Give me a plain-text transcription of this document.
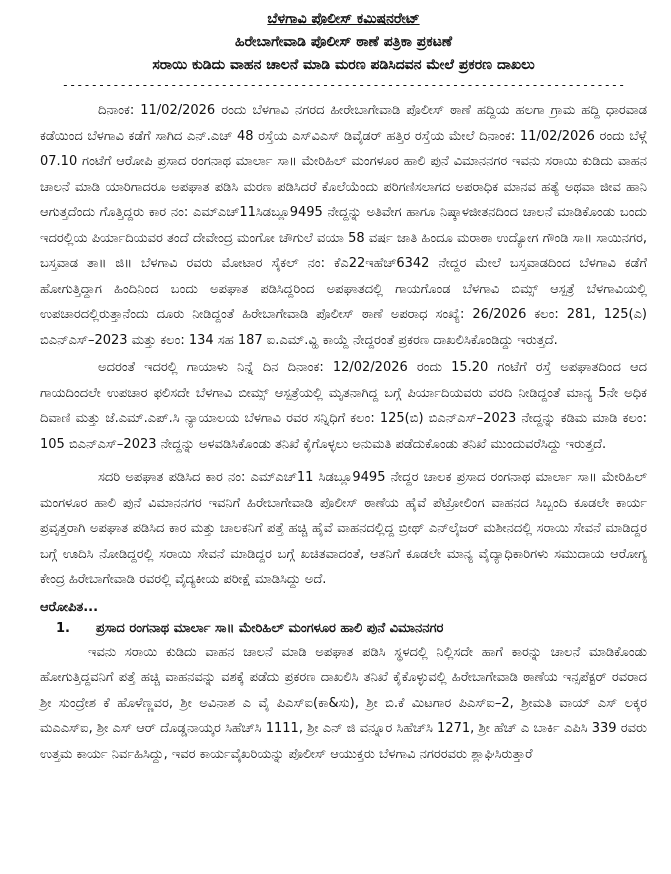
ಬೆಳಗಾವಿ ಪೊಲೀಸ್ ಕಮಿಷನರೇಟ್
ಹಿರೇಬಾಗೇವಾಡಿ ಪೊಲೀಸ್ ಠಾಣೆ ಪತ್ರಿಕಾ ಪ್ರಕಟಣೆ
ಸರಾಯಿ ಕುಡಿದು ವಾಹನ ಚಾಲನೆ ಮಾಡಿ ಮರಣ ಪಡಿಸಿದವನ ಮೇಲೆ ಪ್ರಕರಣ ದಾಖಲು
------------------------------------------------------------------------------

ದಿನಾಂಕ: 11/02/2026 ರಂದು ಬೆಳಗಾವಿ ನಗರದ ಹೀರೇಬಾಗೇವಾಡಿ ಪೊಲೀಸ್ ಠಾಣೆ ಹದ್ದಿಯ ಹಲಗಾ ಗ್ರಾಮ ಹದ್ದಿ ಧಾರವಾಡ ಕಡೆಯಿಂದ ಬೆಳಗಾವಿ ಕಡೆಗೆ ಸಾಗಿದ ಎನ್.ಎಚ್ 48 ರಸ್ತೆಯ ಎಸ್‌ವಿಎಸ್ ಡಿವೈಡರ್ ಹತ್ತಿರ ರಸ್ತೆಯ ಮೇಲೆ ದಿನಾಂಕ: 11/02/2026 ರಂದು ಬೆಳ್ಗೆ 07.10 ಗಂಟೆಗೆ ಆರೋಪಿ ಪ್ರಸಾದ ರಂಗನಾಥ ಮಾರ್ಲಾ ಸಾ॥ ಮೇರಿಹಿಲ್ ಮಂಗಳೂರ ಹಾಲಿ ಪುನೆ ವಿಮಾನನಗರ ಇವನು ಸರಾಯಿ ಕುಡಿದು ವಾಹನ ಚಾಲನೆ ಮಾಡಿ ಯಾರಿಗಾದರೂ ಅಪಘಾತ ಪಡಿಸಿ ಮರಣ ಪಡಿಸಿದರೆ ಕೊಲೆಯೆಂದು ಪರಿಗಣಿಸಲಾಗದ ಅಪರಾಧಿಕ ಮಾನವ ಹತ್ಯೆ ಅಥವಾ ಜೀವ ಹಾನಿ ಆಗುತ್ತದೆಂದು ಗೊತ್ತಿದ್ದರು ಕಾರ ನಂ: ಎಮ್‌ಎಚ್11ಸಿಡಬ್ಲೂ9495 ನೇದ್ದನ್ನು ಅತಿವೇಗ ಹಾಗೂ ನಿಷ್ಕಾಳಜೀತನದಿಂದ ಚಾಲನೆ ಮಾಡಿಕೊಂಡು ಬಂದು ಇದರಲ್ಲಿಯ ಪಿರ್ಯಾದಿಯವರ ತಂದೆ ದೇವೇಂದ್ರ ಮಂಗೋ ಚೌಗುಲೆ ವಯಾ 58 ವರ್ಷ ಜಾತಿ ಹಿಂದೂ ಮರಾಠಾ ಉದ್ಯೋಗ ಗೌಂಡಿ ಸಾ॥ ಸಾಯಿನಗರ, ಬಸ್ತವಾಡ ತಾ॥ ಜಿ॥ ಬೆಳಗಾವಿ ರವರು ಮೋಟಾರ ಸೈಕಲ್ ನಂ: ಕೆಎ22ಇಹೆಚ್6342 ನೇದ್ದರ ಮೇಲೆ ಬಸ್ತವಾಡದಿಂದ ಬೆಳಗಾವಿ ಕಡೆಗೆ ಹೋಗುತ್ತಿದ್ದಾಗ ಹಿಂದಿನಿಂದ ಬಂದು ಅಪಘಾತ ಪಡಿಸಿದ್ದರಿಂದ ಅಪಘಾತದಲ್ಲಿ ಗಾಯಗೊಂಡ ಬೆಳಗಾವಿ ಬಿಮ್ಸ್ ಆಸ್ಪತ್ರೆ ಬೆಳಗಾವಿಯಲ್ಲಿ ಉಪಚಾರದಲ್ಲಿರುತ್ತಾನೆಂದು ದೂರು ನೀಡಿದ್ದಂತೆ ಹಿರೇಬಾಗೇವಾಡಿ ಪೊಲೀಸ್ ಠಾಣೆ ಅಪರಾಧ ಸಂಖ್ಯೆ: 26/2026 ಕಲಂ: 281, 125(ಎ) ಬಿಎನ್‌ಎಸ್–2023 ಮತ್ತು ಕಲಂ: 134 ಸಹ 187 ಐ.ಎಮ್.ವ್ಹಿ ಕಾಯ್ದೆ ನೇದ್ದರಂತೆ ಪ್ರಕರಣ ದಾಖಲಿಸಿಕೊಂಡಿದ್ದು ಇರುತ್ತದೆ.

ಅದರಂತೆ ಇದರಲ್ಲಿ ಗಾಯಾಳು ನಿನ್ನೆ ದಿನ ದಿನಾಂಕ: 12/02/2026 ರಂದು 15.20 ಗಂಟೆಗೆ ರಸ್ತೆ ಅಪಘಾತದಿಂದ ಆದ ಗಾಯದಿಂದಲೇ ಉಪಚಾರ ಫಲಿಸದೇ ಬೆಳಗಾವಿ ಬೀಮ್ಸ್ ಆಸ್ಪತ್ರೆಯಲ್ಲಿ ಮೃತನಾಗಿದ್ದ ಬಗ್ಗೆ ಪಿರ್ಯಾದಿಯವರು ವರದಿ ನೀಡಿದ್ದಂತೆ ಮಾನ್ಯ 5ನೇ ಅಧಿಕ ದಿವಾಣಿ ಮತ್ತು ಜೆ.ಎಮ್.ಎಪ್.ಸಿ ನ್ಯಾಯಾಲಯ ಬೆಳಗಾವಿ ರವರ ಸನ್ನಿಧಿಗೆ ಕಲಂ: 125(ಬಿ) ಬಿಎನ್‌ಎಸ್–2023 ನೇದ್ದನ್ನು ಕಡಿಮ ಮಾಡಿ ಕಲಂ: 105 ಬಿಎನ್‌ಎಸ್–2023 ನೇದ್ದನ್ನು ಅಳವಡಿಸಿಕೊಂಡು ತನಿಖೆ ಕೈಗೊಳ್ಳಲು ಅನುಮತಿ ಪಡೆದುಕೊಂಡು ತನಿಖೆ ಮುಂದುವರೆಸಿದ್ದು ಇರುತ್ತದೆ.

ಸದರಿ ಅಪಘಾತ ಪಡಿಸಿದ ಕಾರ ನಂ: ಎಮ್‌ಎಚ್11 ಸಿಡಬ್ಲೂ9495 ನೇದ್ದರ ಚಾಲಕ ಪ್ರಸಾದ ರಂಗನಾಥ ಮಾರ್ಲಾ ಸಾ॥ ಮೇರಿಹಿಲ್ ಮಂಗಳೂರ ಹಾಲಿ ಪುನೆ ವಿಮಾನನಗರ ಇವನಿಗೆ ಹಿರೇಬಾಗೇವಾಡಿ ಪೊಲೀಸ್ ಠಾಣೆಯ ಹೈವೆ ಪೆಟ್ರೋಲಿಂಗ ವಾಹನದ ಸಿಬ್ಬಂದಿ ಕೂಡಲೇ ಕಾರ್ಯ ಪ್ರವೃತ್ತರಾಗಿ ಅಪಘಾತ ಪಡಿಸಿದ ಕಾರ ಮತ್ತು ಚಾಲಕನಿಗೆ ಪತ್ತೆ ಹಚ್ಚಿ ಹೈವೆ ವಾಹನದಲ್ಲಿದ್ದ ಬ್ರೀಥ್ ಎನ್‌ಲೈಜರ್ ಮಶೀನದಲ್ಲಿ ಸರಾಯಿ ಸೇವನೆ ಮಾಡಿದ್ದರ ಬಗ್ಗೆ ಊದಿಸಿ ನೋಡಿದ್ದರಲ್ಲಿ ಸರಾಯಿ ಸೇವನೆ ಮಾಡಿದ್ದರ ಬಗ್ಗೆ ಖಚಿತವಾದಂತೆ, ಆತನಿಗೆ ಕೂಡಲೇ ಮಾನ್ಯ ವೈದ್ಯಾಧಿಕಾರಿಗಳು ಸಮುದಾಯ ಆರೋಗ್ಯ ಕೇಂದ್ರ ಹಿರೇಬಾಗೇವಾಡಿ ರವರಲ್ಲಿ ವೈದ್ಯಕೀಯ ಪರೀಕ್ಷೆ ಮಾಡಿಸಿದ್ದು ಅದೆ.

ಆರೋಪಿತ...
1.	ಪ್ರಸಾದ ರಂಗನಾಥ ಮಾರ್ಲಾ ಸಾ॥ ಮೇರಿಹಿಲ್ ಮಂಗಳೂರ ಹಾಲಿ ಪುನೆ ವಿಮಾನನಗರ

ಇವನು ಸರಾಯಿ ಕುಡಿದು ವಾಹನ ಚಾಲನೆ ಮಾಡಿ ಅಪಘಾತ ಪಡಿಸಿ ಸ್ಥಳದಲ್ಲಿ ನಿಲ್ಲಿಸದೇ ಹಾಗೆ ಕಾರನ್ನು ಚಾಲನೆ ಮಾಡಿಕೊಂಡು ಹೋಗುತ್ತಿದ್ದವನಿಗೆ ಪತ್ತೆ ಹಚ್ಚಿ ವಾಹನವನ್ನು ವಶಕ್ಕೆ ಪಡೆದು ಪ್ರಕರಣ ದಾಖಲಿಸಿ ತನಿಖೆ ಕೈಕೊಳ್ಳುವಲ್ಲಿ ಹಿರೇಬಾಗೇವಾಡಿ ಠಾಣೆಯ ಇನ್ಸಪೆಕ್ಟರ್ ರವರಾದ ಶ್ರೀ ಸುಂದ್ರೇಶ ಕೆ ಹೊಳೆಣ್ಣವರ, ಶ್ರೀ ಅವಿನಾಶ ಎ ವೈ ಪಿಎಸ್ಐ(ಕಾ&ಸು), ಶ್ರೀ ಬಿ.ಕೆ ಮಿಟಗಾರ ಪಿಎಸ್ಐ–2, ಶ್ರೀಮತಿ ವಾಯ್ ಎಸ್ ಲಕ್ಕರ ಮಎಎಸ್ಐ, ಶ್ರೀ ಎಸ್ ಆರ್ ದೊಡ್ಡನಾಯ್ಕರ ಸಿಹೆಚ್‌ಸಿ 1111, ಶ್ರೀ ಎನ್ ಜಿ ವನ್ನೂರ ಸಿಹೆಚ್‌ಸಿ 1271, ಶ್ರೀ ಹೆಚ್ ಎ ಬಾರ್ಕಿ ಎಪಿಸಿ 339 ರವರು ಉತ್ತಮ ಕಾರ್ಯ ನಿರ್ವಹಿಸಿದ್ದು, ಇವರ ಕಾರ್ಯವೈಖರಿಯನ್ನು ಪೊಲೀಸ್ ಆಯುಕ್ತರು ಬೆಳಗಾವಿ ನಗರರವರು ಶ್ಲಾಘಿಸಿರುತ್ತಾರೆ
